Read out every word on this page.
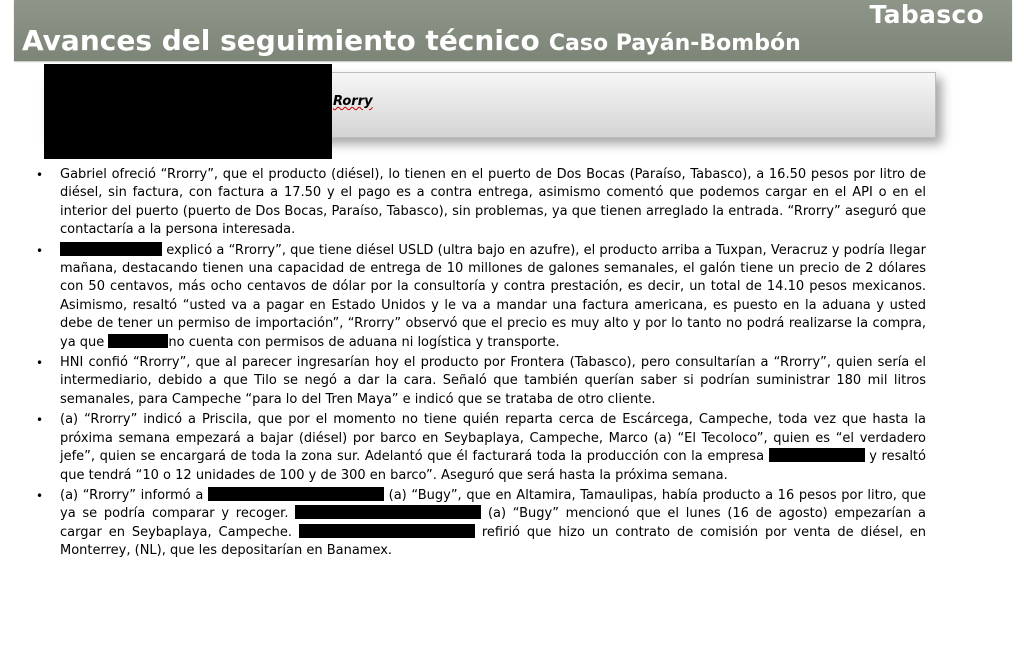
Tabasco
Avances del seguimiento técnico Caso Payán-Bombón
Rorry
• Gabriel ofreció “Rrorry”, que el producto (diésel), lo tienen en el puerto de Dos Bocas (Paraíso, Tabasco), a 16.50 pesos por litro de diésel, sin factura, con factura a 17.50 y el pago es a contra entrega, asimismo comentó que podemos cargar en el API o en el interior del puerto (puerto de Dos Bocas, Paraíso, Tabasco), sin problemas, ya que tienen arreglado la entrada. “Rrorry” aseguró que contactaría a la persona interesada.
•	explicó a “Rrorry”, que tiene diésel USLD (ultra bajo en azufre), el producto arriba a Tuxpan, Veracruz y podría llegar mañana, destacando tienen una capacidad de entrega de 10 millones de galones semanales, el galón tiene un precio de 2 dólares con 50 centavos, más ocho centavos de dólar por la consultoría y contra prestación, es decir, un total de 14.10 pesos mexicanos. Asimismo, resaltó “usted va a pagar en Estado Unidos y le va a mandar una factura americana, es puesto en la aduana y usted debe de tener un permiso de importación”, “Rrorry” observó que el precio es muy alto y por lo tanto no podrá realizarse la compra, ya que	no cuenta con permisos de aduana ni logística y transporte.
• HNI confió “Rrorry”, que al parecer ingresarían hoy el producto por Frontera (Tabasco), pero consultarían a “Rrorry”, quien sería el intermediario, debido a que Tilo se negó a dar la cara. Señaló que también querían saber si podrían suministrar 180 mil litros semanales, para Campeche “para lo del Tren Maya” e indicó que se trataba de otro cliente.
• (a) “Rrorry” indicó a Priscila, que por el momento no tiene quién reparta cerca de Escárcega, Campeche, toda vez que hasta la próxima semana empezará a bajar (diésel) por barco en Seybaplaya, Campeche, Marco (a) “El Tecoloco”, quien es “el verdadero jefe”, quien se encargará de toda la zona sur. Adelantó que él facturará toda la producción con la empresa	y resaltó que tendrá “10 o 12 unidades de 100 y de 300 en barco”. Aseguró que será hasta la próxima semana.
• (a) “Rrorry” informó a	(a) “Bugy”, que en Altamira, Tamaulipas, había producto a 16 pesos por litro, que ya se podría comparar y recoger.	(a) “Bugy” mencionó que el lunes (16 de agosto) empezarían a cargar en Seybaplaya, Campeche.	refirió que hizo un contrato de comisión por venta de diésel, en Monterrey, (NL), que les depositarían en Banamex.
